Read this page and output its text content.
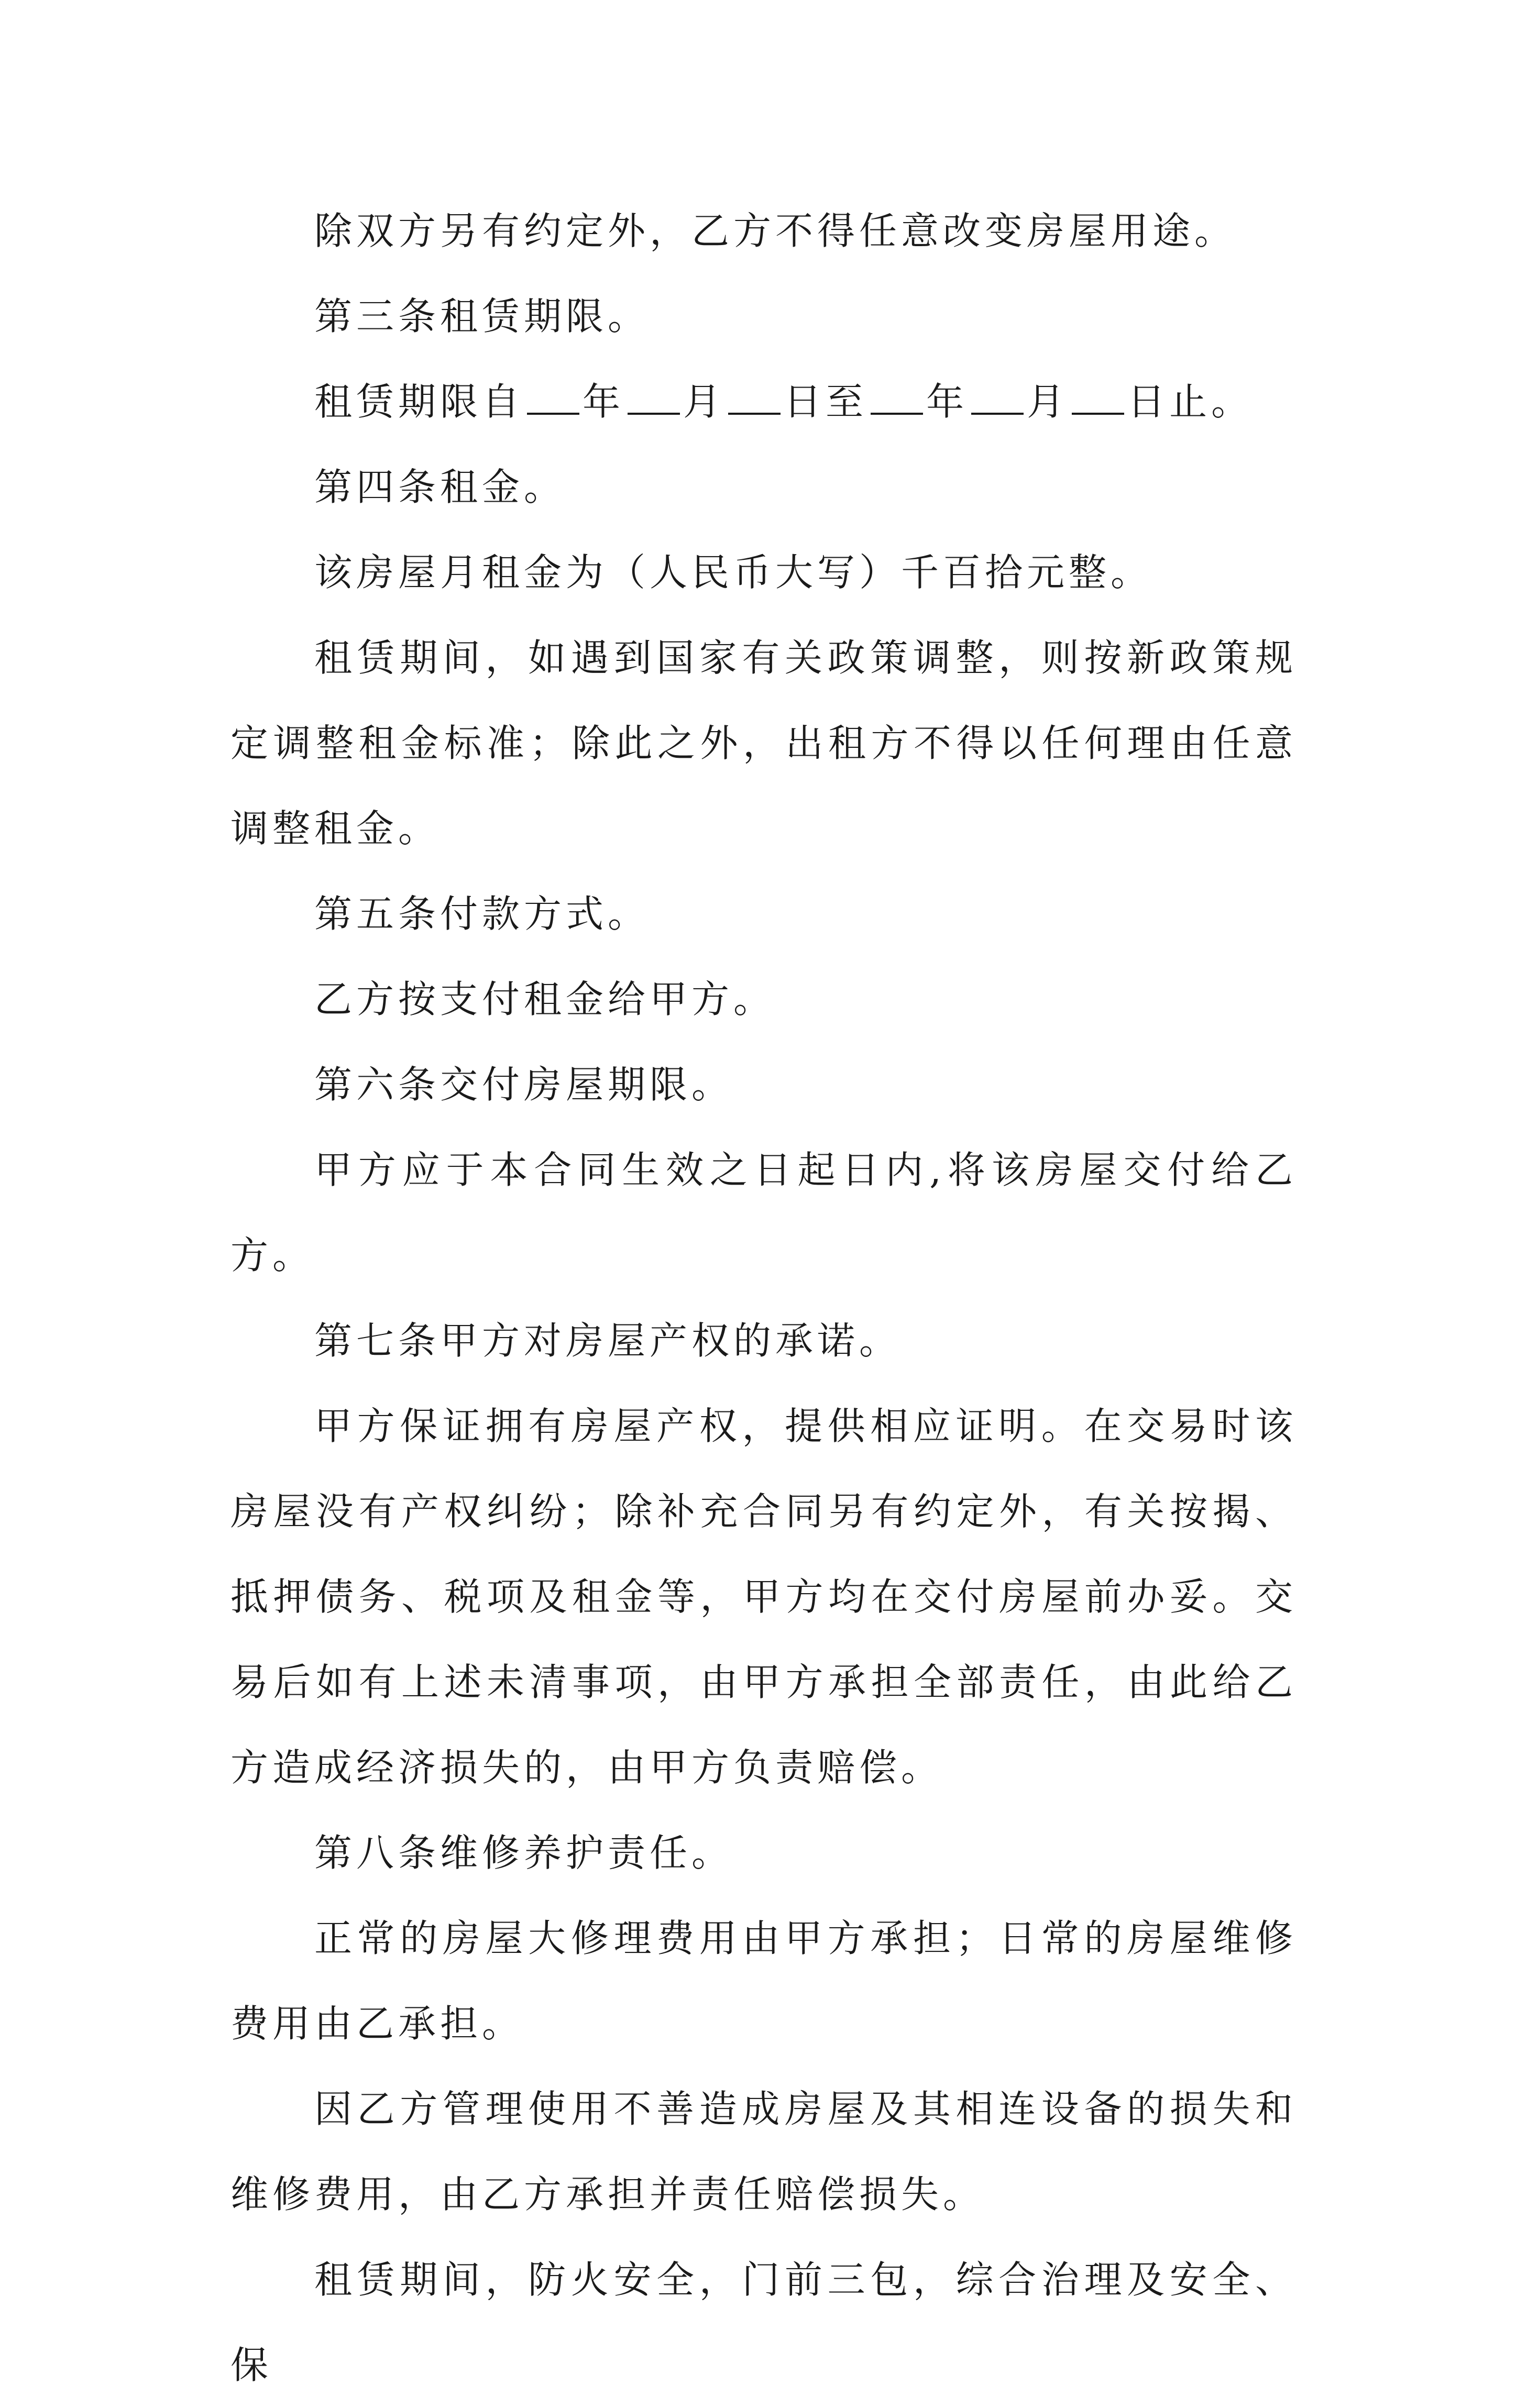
除双方另有约定外，乙方不得任意改变房屋用途。

第三条租赁期限。

租赁期限自 年 月 日至 年 月 日止。

第四条租金。

该房屋月租金为（人民币大写）千百拾元整。

租赁期间，如遇到国家有关政策调整，则按新政策规定调整租金标准；除此之外，出租方不得以任何理由任意调整租金。

第五条付款方式。

乙方按支付租金给甲方。

第六条交付房屋期限。

甲方应于本合同生效之日起日内,将该房屋交付给乙方。

第七条甲方对房屋产权的承诺。

甲方保证拥有房屋产权，提供相应证明。在交易时该房屋没有产权纠纷；除补充合同另有约定外，有关按揭、抵押债务、税项及租金等，甲方均在交付房屋前办妥。交易后如有上述未清事项，由甲方承担全部责任，由此给乙方造成经济损失的，由甲方负责赔偿。

第八条维修养护责任。

正常的房屋大修理费用由甲方承担；日常的房屋维修费用由乙承担。

因乙方管理使用不善造成房屋及其相连设备的损失和维修费用，由乙方承担并责任赔偿损失。

租赁期间，防火安全，门前三包，综合治理及安全、保
